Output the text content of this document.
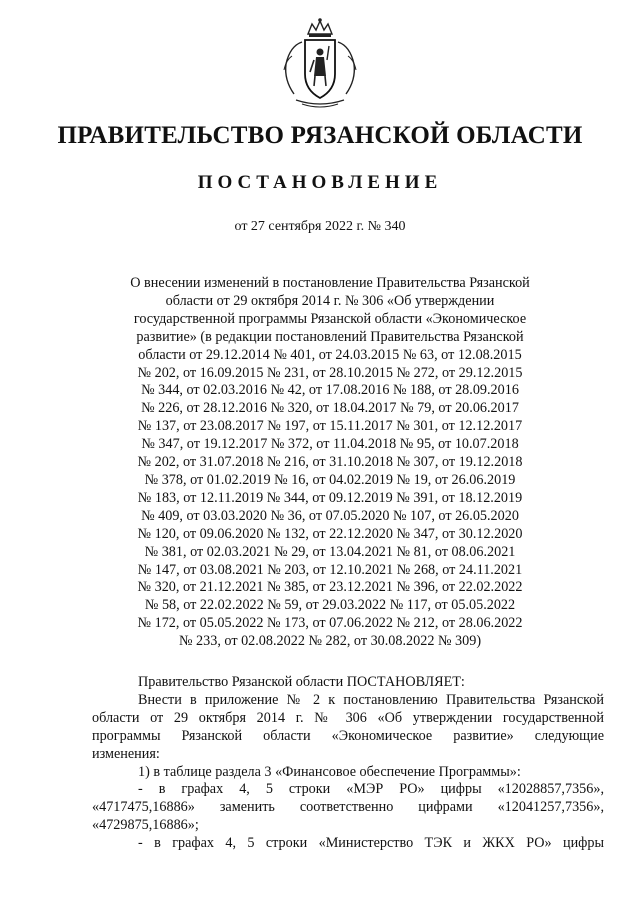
ПРАВИТЕЛЬСТВО РЯЗАНСКОЙ ОБЛАСТИ
ПОСТАНОВЛЕНИЕ
от 27 сентября 2022 г. № 340
О внесении изменений в постановление Правительства Рязанской
области от 29 октября 2014 г. № 306 «Об утверждении
государственной программы Рязанской области «Экономическое
развитие» (в редакции постановлений Правительства Рязанской
области от 29.12.2014 № 401, от 24.03.2015 № 63, от 12.08.2015
№ 202, от 16.09.2015 № 231, от 28.10.2015 № 272, от 29.12.2015
№ 344, от 02.03.2016 № 42, от 17.08.2016 № 188, от 28.09.2016
№ 226, от 28.12.2016 № 320, от 18.04.2017 № 79, от 20.06.2017
№ 137, от 23.08.2017 № 197, от 15.11.2017 № 301, от 12.12.2017
№ 347, от 19.12.2017 № 372, от 11.04.2018 № 95, от 10.07.2018
№ 202, от 31.07.2018 № 216, от 31.10.2018 № 307, от 19.12.2018
№ 378, от 01.02.2019 № 16, от 04.02.2019 № 19, от 26.06.2019
№ 183, от 12.11.2019 № 344, от 09.12.2019 № 391, от 18.12.2019
№ 409, от 03.03.2020 № 36, от 07.05.2020 № 107, от 26.05.2020
№ 120, от 09.06.2020 № 132, от 22.12.2020 № 347, от 30.12.2020
№ 381, от 02.03.2021 № 29, от 13.04.2021 № 81, от 08.06.2021
№ 147, от 03.08.2021 № 203, от 12.10.2021 № 268, от 24.11.2021
№ 320, от 21.12.2021 № 385, от 23.12.2021 № 396, от 22.02.2022
№ 58, от 22.02.2022 № 59, от 29.03.2022 № 117, от 05.05.2022
№ 172, от 05.05.2022 № 173, от 07.06.2022 № 212, от 28.06.2022
№ 233, от 02.08.2022 № 282, от 30.08.2022 № 309)

Правительство Рязанской области ПОСТАНОВЛЯЕТ:

Внести в приложение № 2 к постановлению Правительства Рязанской

области от 29 октября 2014 г. № 306 «Об утверждении государственной

программы Рязанской области «Экономическое развитие» следующие

изменения:

1) в таблице раздела 3 «Финансовое обеспечение Программы»:

- в графах 4, 5 строки «МЭР РО» цифры «12028857,7356»,

«4717475,16886» заменить соответственно цифрами «12041257,7356»,

«4729875,16886»;

- в графах 4, 5 строки «Министерство ТЭК и ЖКХ РО» цифры
